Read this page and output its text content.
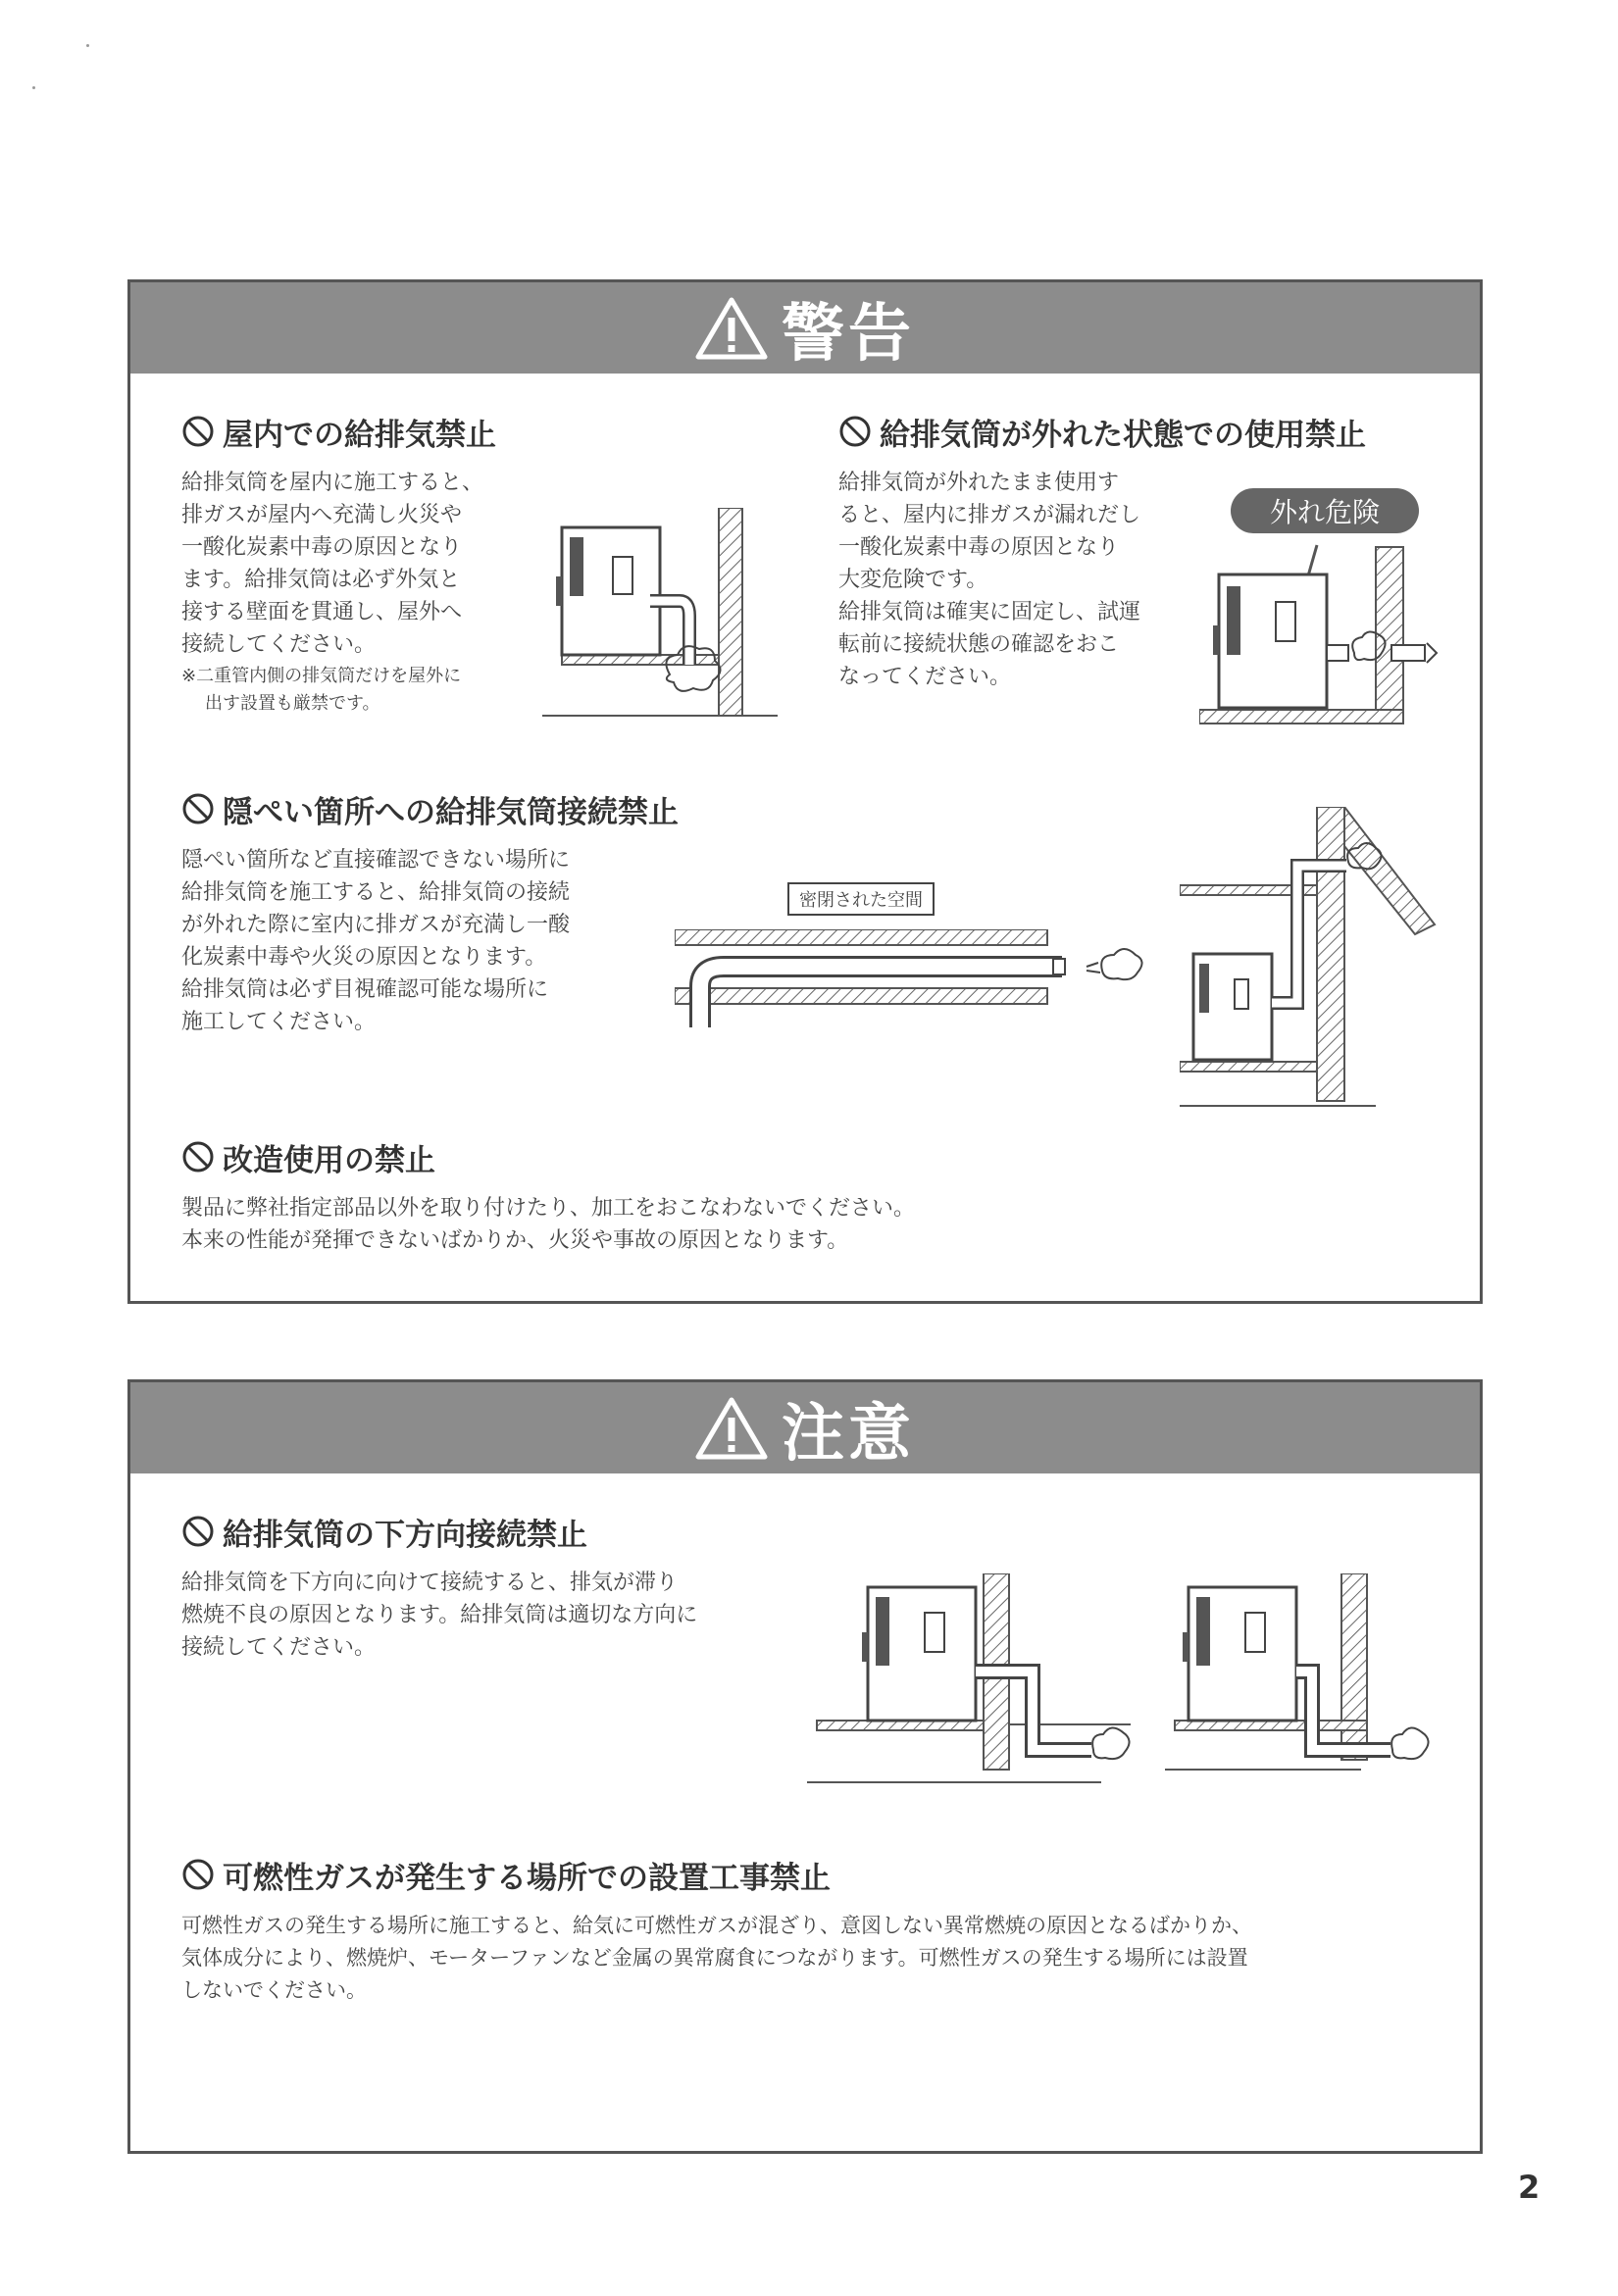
警告
屋内での給排気禁止
給排気筒を屋内に施工すると、
排ガスが屋内へ充満し火災や
一酸化炭素中毒の原因となり
ます。給排気筒は必ず外気と
接する壁面を貫通し、屋外へ
接続してください。
※二重管内側の排気筒だけを屋外に
出す設置も厳禁です。
給排気筒が外れた状態での使用禁止
給排気筒が外れたまま使用す
ると、屋内に排ガスが漏れだし
一酸化炭素中毒の原因となり
大変危険です。
給排気筒は確実に固定し、試運
転前に接続状態の確認をおこ
なってください。
外れ危険
隠ぺい箇所への給排気筒接続禁止
隠ぺい箇所など直接確認できない場所に
給排気筒を施工すると、給排気筒の接続
が外れた際に室内に排ガスが充満し一酸
化炭素中毒や火災の原因となります。
給排気筒は必ず目視確認可能な場所に
施工してください。
密閉された空間
改造使用の禁止
製品に弊社指定部品以外を取り付けたり、加工をおこなわないでください。
本来の性能が発揮できないばかりか、火災や事故の原因となります。
注意
給排気筒の下方向接続禁止
給排気筒を下方向に向けて接続すると、排気が滞り
燃焼不良の原因となります。給排気筒は適切な方向に
接続してください。
可燃性ガスが発生する場所での設置工事禁止
可燃性ガスの発生する場所に施工すると、給気に可燃性ガスが混ざり、意図しない異常燃焼の原因となるばかりか、
気体成分により、燃焼炉、モーターファンなど金属の異常腐食につながります。可燃性ガスの発生する場所には設置
しないでください。
2
